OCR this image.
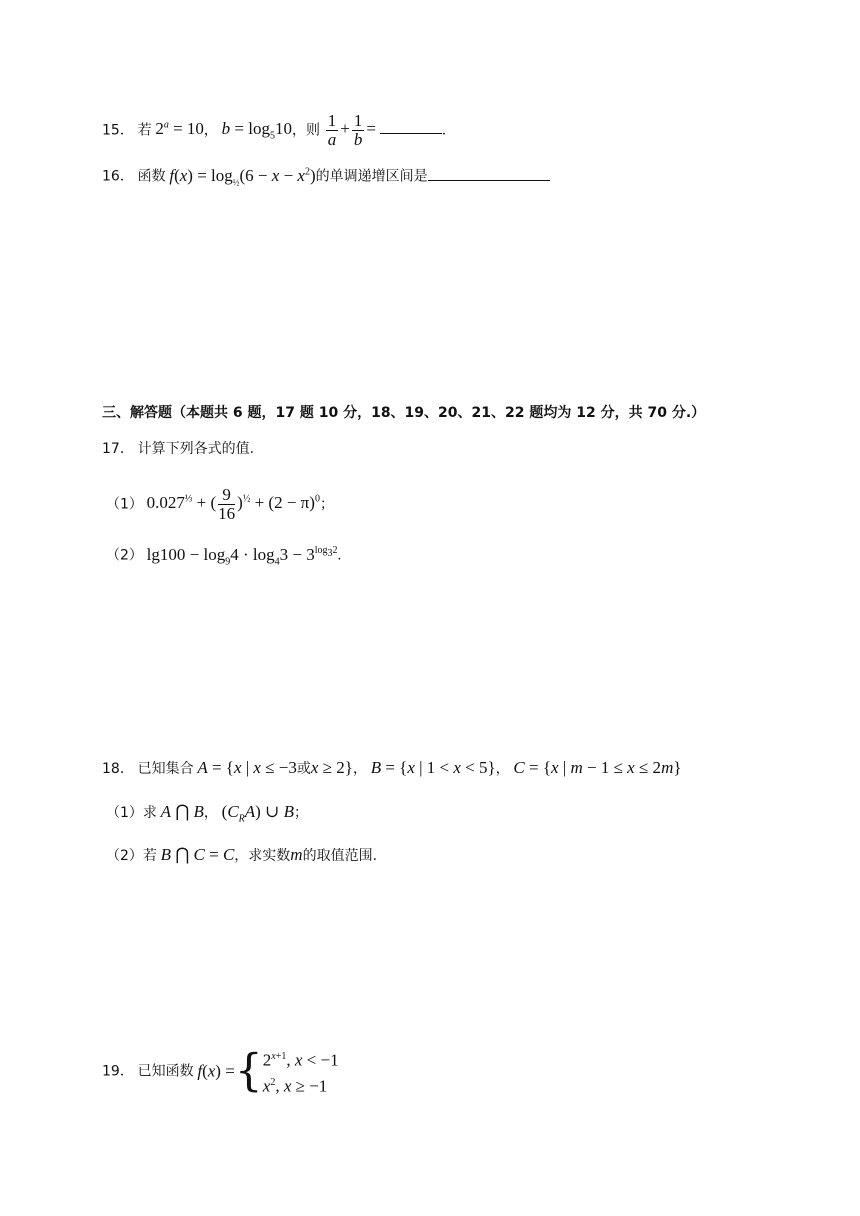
15． 若 $2^a = 10$， $b = \log_510$，则 $\frac{1}{a} + \frac{1}{b}$ =	.
16． 函数 $f(x) = \log_{\frac{1}{2}}(6 - x - x^2)$的单调递增区间是
三、解答题（本题共 6 题，17 题 10 分，18、19、20、21、22 题均为 12 分，共 70 分.）
17． 计算下列各式的值.
（1） $0.027^{\frac{1}{3}}$ + ( $\frac{9}{16} )^{\frac{1}{2}} + (2 - \pi)^0$；
（2） $\lg 100 - \log_94 \cdot \log_43 - 3^{log_32}$.
18． 已知集合 A = {x | x ≤ −3或x ≥ 2}， B = {x | 1 < x < 5}， C = {x | m − 1 ≤ x ≤ 2m}
（1）求 A ⋂ B， $(C_RA)$ ∪ B；
（2）若 B ⋂ C = C，求实数m的取值范围.
19． 已知函数 f(x) ={ $2^{x+1}$, x < −1
$x^2$, x ≥ −1
